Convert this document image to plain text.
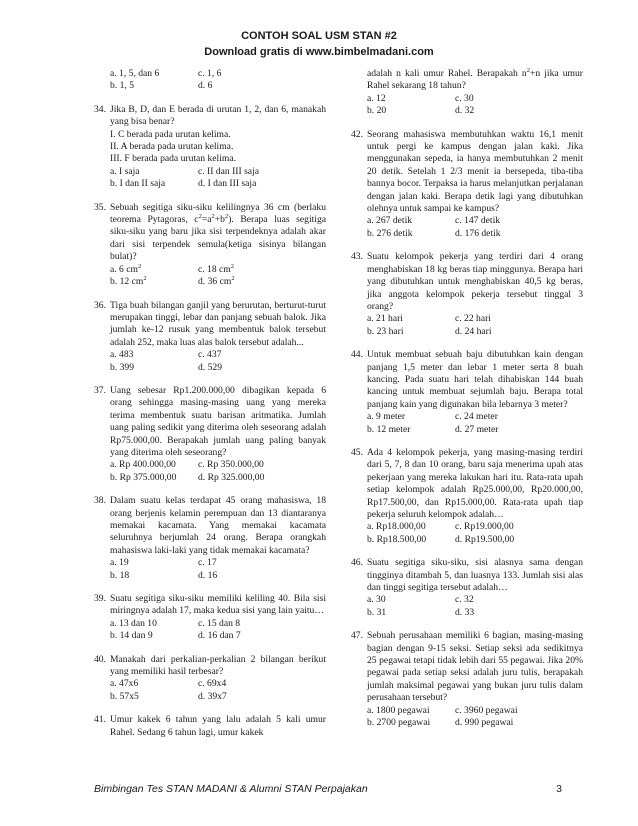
CONTOH SOAL USM STAN #2
Download gratis di www.bimbelmadani.com
a. 1, 5, dan 6	c. 1, 6
b. 1, 5	d. 6
34. Jika B, D, dan E berada di urutan 1, 2, dan 6, manakah yang bisa benar?
I. C berada pada urutan kelima.
II. A berada pada urutan kelima.
III. F berada pada urutan kelima.
a. I saja	c. II dan III saja
b. I dan II saja	d. I dan III saja
35. Sebuah segitiga siku-siku kelilingnya 36 cm (berlaku teorema Pytagoras, $c^2=a^2+b^2$). Berapa luas segitiga siku-siku yang baru jika sisi terpendeknya adalah akar dari sisi terpendek semula(ketiga sisinya bilangan bulat)?
a. 6 $cm^2$	c. 18 $cm^2$
b. 12 $cm^2$	d. 36 $cm^2$
36. Tiga buah bilangan ganjil yang berurutan, berturut-turut merupakan tinggi, lebar dan panjang sebuah balok. Jika jumlah ke-12 rusuk yang membentuk balok tersebut adalah 252, maka luas alas balok tersebut adalah...
a. 483	c. 437
b. 399	d. 529
37. Uang sebesar Rp1.200.000,00 dibagikan kepada 6 orang sehingga masing-masing uang yang mereka terima membentuk suatu barisan aritmatika. Jumlah uang paling sedikit yang diterima oleh seseorang adalah Rp75.000,00. Berapakah jumlah uang paling banyak yang diterima oleh seseorang?
a. Rp 400.000,00	c. Rp 350.000,00
b. Rp 375.000,00	d. Rp 325.000,00
38. Dalam suatu kelas terdapat 45 orang mahasiswa, 18 orang berjenis kelamin perempuan dan 13 diantaranya memakai kacamata. Yang memakai kacamata seluruhnya berjumlah 24 orang. Berapa orangkah mahasiswa laki-laki yang tidak memakai kacamata?
a. 19	c. 17
b. 18	d. 16
39. Suatu segitiga siku-siku memiliki keliling 40. Bila sisi miringnya adalah 17, maka kedua sisi yang lain yaitu…
a. 13 dan 10	c. 15 dan 8
b. 14 dan 9	d. 16 dan 7
40. Manakah dari perkalian-perkalian 2 bilangan berikut yang memiliki hasil terbesar?
a. 47x6	c. 69x4
b. 57x5	d. 39x7
41. Umur kakek 6 tahun yang lalu adalah 5 kali umur Rahel. Sedang 6 tahun lagi, umur kakek
adalah n kali umur Rahel. Berapakah $n^2+n$ jika umur Rahel sekarang 18 tahun?
a. 12	c. 30
b. 20	d. 32
42. Seorang mahasiswa membutuhkan waktu 16,1 menit untuk pergi ke kampus dengan jalan kaki. Jika menggunakan sepeda, ia hanya membutuhkan 2 menit 20 detik. Setelah 1 2/3 menit ia bersepeda, tiba-tiba bannya bocor. Terpaksa ia harus melanjutkan perjalanan dengan jalan kaki. Berapa detik lagi yang dibutuhkan olehnya untuk sampai ke kampus?
a. 267 detik	c. 147 detik
b. 276 detik	d. 176 detik
43. Suatu kelompok pekerja yang terdiri dari 4 orang menghabiskan 18 kg beras tiap minggunya. Berapa hari yang dibutuhkan untuk menghabiskan 40,5 kg beras, jika anggota kelompok pekerja tersebut tinggal 3 orang?
a. 21 hari	c. 22 hari
b. 23 hari	d. 24 hari
44. Untuk membuat sebuah baju dibutuhkan kain dengan panjang 1,5 meter dan lebar 1 meter serta 8 buah kancing. Pada suatu hari telah dihabiskan 144 buah kancing untuk membuat sejumlah baju. Berapa total panjang kain yang digunakan bila lebarnya 3 meter?
a. 9 meter	c. 24 meter
b. 12 meter	d. 27 meter
45. Ada 4 kelompok pekerja, yang masing-masing terdiri dari 5, 7, 8 dan 10 orang, baru saja menerima upah atas pekerjaan yang mereka lakukan hari itu. Rata-rata upah setiap kelompok adalah Rp25.000,00, Rp20.000,00, Rp17.500,00, dan Rp15.000,00. Rata-rata upah tiap pekerja seluruh kelompok adalah…
a. Rp18.000,00	c. Rp19.000,00
b. Rp18.500,00	d. Rp19.500,00
46. Suatu segitiga siku-siku, sisi alasnya sama dengan tingginya ditambah 5, dan luasnya 133. Jumlah sisi alas dan tinggi segitiga tersebut adalah…
a. 30	c. 32
b. 31	d. 33
47. Sebuah perusahaan memiliki 6 bagian, masing-masing bagian dengan 9-15 seksi. Setiap seksi ada sedikitnya 25 pegawai tetapi tidak lebih dari 55 pegawai. Jika 20% pegawai pada setiap seksi adalah juru tulis, berapakah jumlah maksimal pegawai yang bukan juru tulis dalam perusahaan tersebut?
a. 1800 pegawai	c. 3960 pegawai
b. 2700 pegawai	d. 990 pegawai
Bimbingan Tes STAN MADANI & Alumni STAN Perpajakan	3
